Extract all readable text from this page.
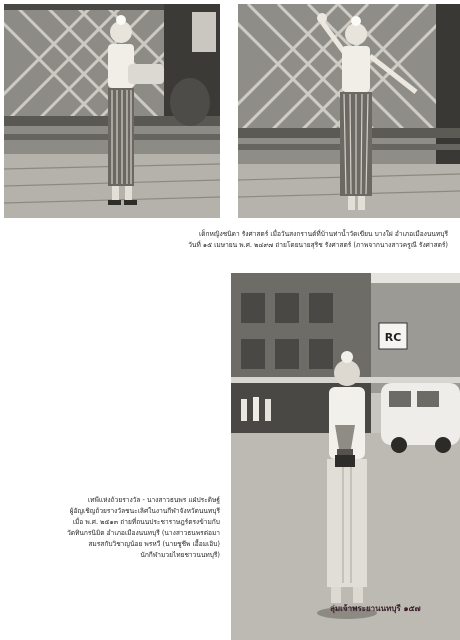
เด็กหญิงชนิดา รังศาสตร์ เมื่อวันสงกรานต์ที่บ้านท่าน้ำวัดเขียน บางใผ่ อำเภอเมืองนนทบุรี
วันที่ ๑๕ เมษายน พ.ศ. ๒๔๙๗ ถ่ายโดยนายสุริช รังศาสตร์ (ภาพจากนางสาวครูณี รังศาสตร์)
RC
เทพีแห่งถ้วยรางวัล - นางสาวธนพร แฝ่ประดิษฐ์
ผู้อัญเชิญถ้วยรางวัลชนะเลิศในงานกีฬาจังหวัดนนทบุรี
เมื่อ พ.ศ. ๒๕๑๓ ถ่ายที่ถนนประชาราษฎร์ตรงข้ามกับ
วัดทินกรนิมิต อำเภอเมืองนนทบุรี (นางสาวธนพรต่อมา
สมรสกับวิชาญน้อย พรหวี (นายชูชีพ เอื้อมเอิบ)
นักกีฬามวยไทยชาวนนทบุรี)
ลุ่มเจ้าพระยานนทบุรี ๑๕๗
